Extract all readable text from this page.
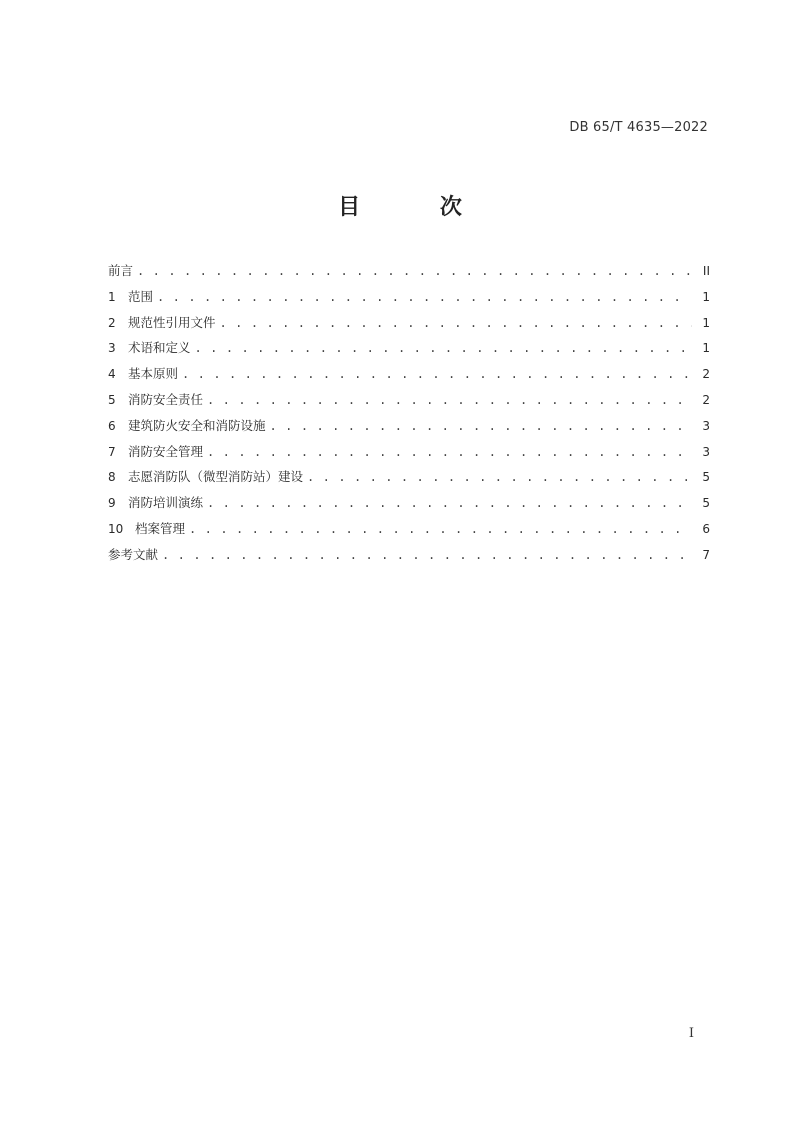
DB 65/T 4635—2022
目 次
前言 . . .	II
1 范围 . . .	1
2 规范性引用文件 . . .	1
3 术语和定义 . . .	1
4 基本原则 . . .	2
5 消防安全责任 . . .	2
6 建筑防火安全和消防设施 . . .	3
7 消防安全管理 . . .	3
8 志愿消防队（微型消防站）建设 . . .	5
9 消防培训演练 . . .	5
10 档案管理 . . .	6
参考文献 . . .	7
I
